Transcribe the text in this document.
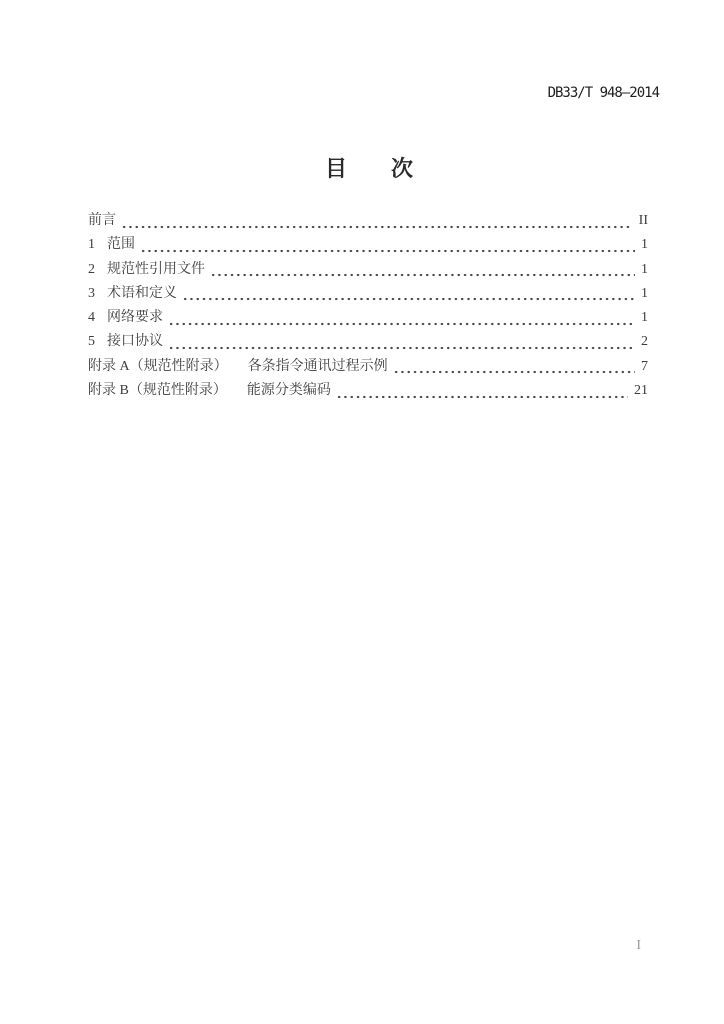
DB33/T 948—2014
目　　次
前言	II
1 范围	1
2 规范性引用文件	1
3 术语和定义	1
4 网络要求	1
5 接口协议	2
附录 A（规范性附录） 各条指令通讯过程示例	7
附录 B（规范性附录） 能源分类编码	21
I
